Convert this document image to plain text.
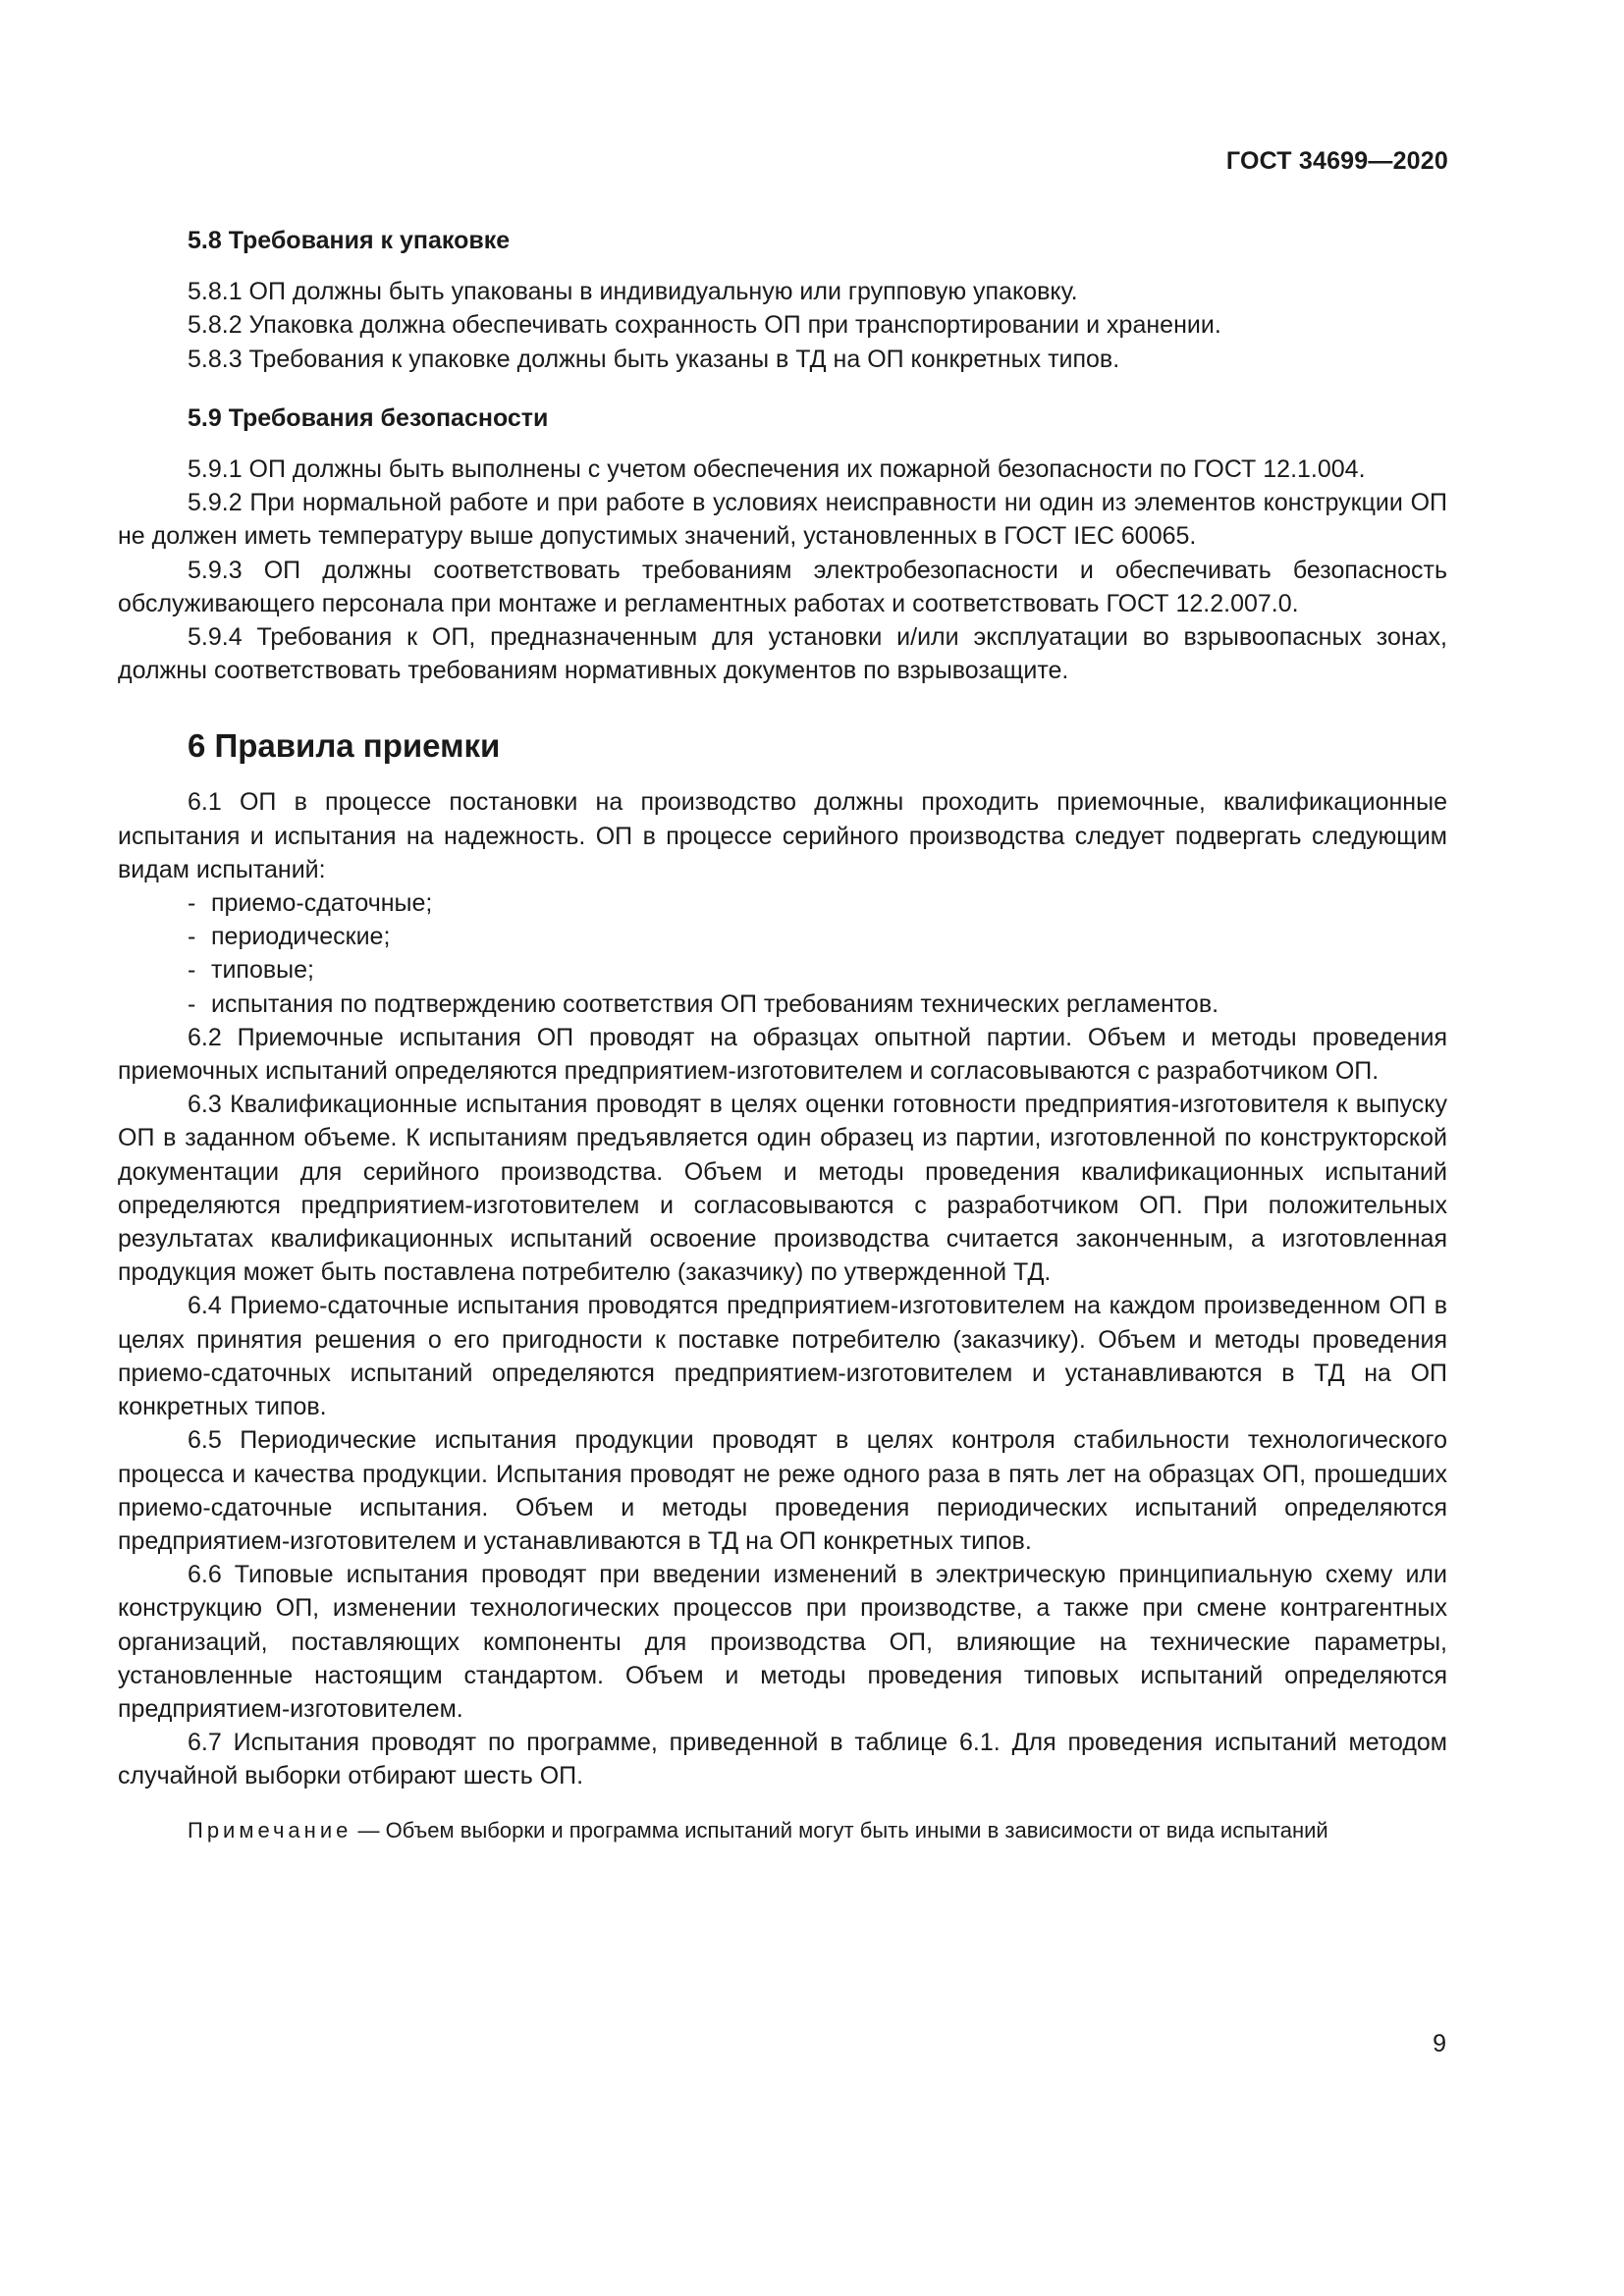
ГОСТ 34699—2020
5.8 Требования к упаковке
5.8.1 ОП должны быть упакованы в индивидуальную или групповую упаковку.
5.8.2 Упаковка должна обеспечивать сохранность ОП при транспортировании и хранении.
5.8.3 Требования к упаковке должны быть указаны в ТД на ОП конкретных типов.
5.9 Требования безопасности

5.9.1 ОП должны быть выполнены с учетом обеспечения их пожарной безопасности по ГОСТ 12.1.004.

5.9.2 При нормальной работе и при работе в условиях неисправности ни один из элементов конструкции ОП не должен иметь температуру выше допустимых значений, установленных в ГОСТ IEC 60065.

5.9.3 ОП должны соответствовать требованиям электробезопасности и обеспечивать безопасность обслуживающего персонала при монтаже и регламентных работах и соответствовать ГОСТ 12.2.007.0.

5.9.4 Требования к ОП, предназначенным для установки и/или эксплуатации во взрывоопасных зонах, должны соответствовать требованиям нормативных документов по взрывозащите.

6 Правила приемки

6.1 ОП в процессе постановки на производство должны проходить приемочные, квалификационные испытания и испытания на надежность. ОП в процессе серийного производства следует подвергать следующим видам испытаний:

- приемо-сдаточные;
- периодические;
- типовые;
- испытания по подтверждению соответствия ОП требованиям технических регламентов.

6.2 Приемочные испытания ОП проводят на образцах опытной партии. Объем и методы проведения приемочных испытаний определяются предприятием-изготовителем и согласовываются с разработчиком ОП.

6.3 Квалификационные испытания проводят в целях оценки готовности предприятия-изготовителя к выпуску ОП в заданном объеме. К испытаниям предъявляется один образец из партии, изготовленной по конструкторской документации для серийного производства. Объем и методы проведения квалификационных испытаний определяются предприятием-изготовителем и согласовываются с разработчиком ОП. При положительных результатах квалификационных испытаний освоение производства считается законченным, а изготовленная продукция может быть поставлена потребителю (заказчику) по утвержденной ТД.

6.4 Приемо-сдаточные испытания проводятся предприятием-изготовителем на каждом произведенном ОП в целях принятия решения о его пригодности к поставке потребителю (заказчику). Объем и методы проведения приемо-сдаточных испытаний определяются предприятием-изготовителем и устанавливаются в ТД на ОП конкретных типов.

6.5 Периодические испытания продукции проводят в целях контроля стабильности технологического процесса и качества продукции. Испытания проводят не реже одного раза в пять лет на образцах ОП, прошедших приемо-сдаточные испытания. Объем и методы проведения периодических испытаний определяются предприятием-изготовителем и устанавливаются в ТД на ОП конкретных типов.

6.6 Типовые испытания проводят при введении изменений в электрическую принципиальную схему или конструкцию ОП, изменении технологических процессов при производстве, а также при смене контрагентных организаций, поставляющих компоненты для производства ОП, влияющие на технические параметры, установленные настоящим стандартом. Объем и методы проведения типовых испытаний определяются предприятием-изготовителем.

6.7 Испытания проводят по программе, приведенной в таблице 6.1. Для проведения испытаний методом случайной выборки отбирают шесть ОП.

Примечание — Объем выборки и программа испытаний могут быть иными в зависимости от вида испытаний

9
